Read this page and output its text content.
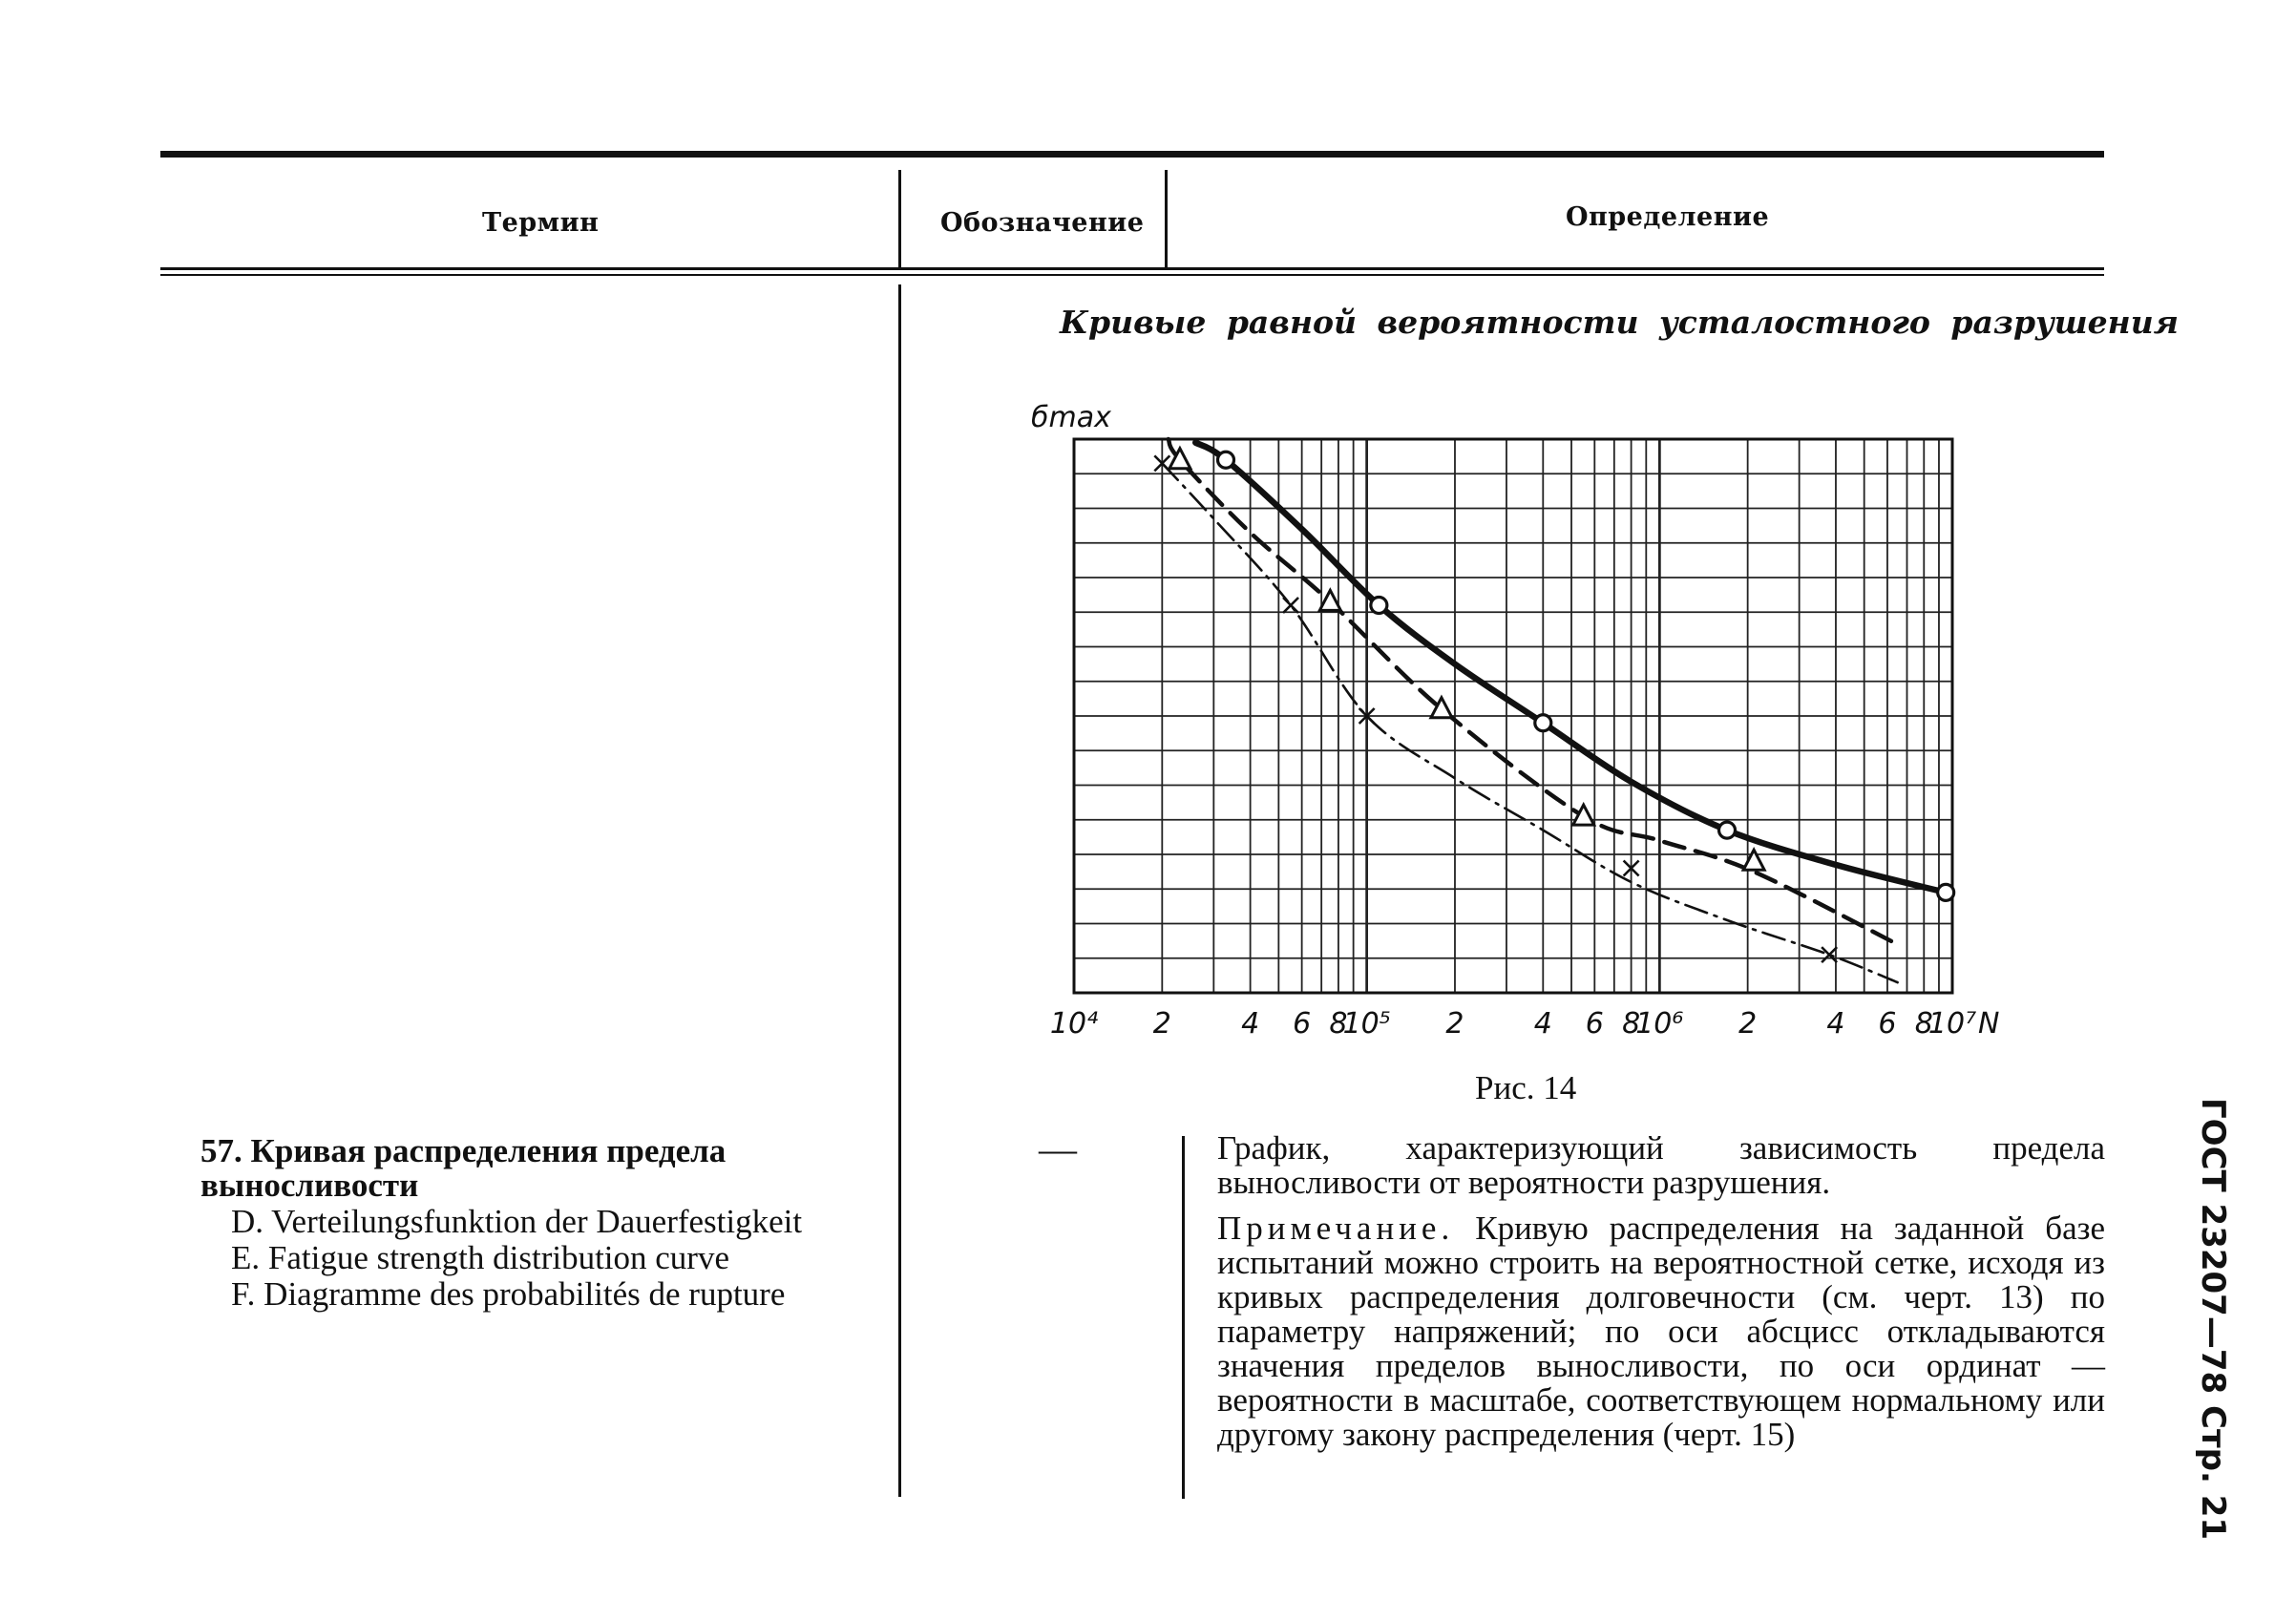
Термин	Обозначение	Определение
Кривые равной вероятности усталостного разрушения
10⁴ 2 4 6 8
10⁵ 2 4 6 8
10⁶ 2 4 6 8
10⁷
бmax
N
Рис. 14
57. Кривая распределения предела выносливости
D. Verteilungsfunktion der Dauerfestigkeit
E. Fatigue strength distribution curve
F. Diagramme des probabilités de rupture
—	График, характеризующий зависимость предела выносливости от вероятности разрушения.

Примечание. Кривую распределения на заданной базе испытаний можно строить на вероятностной сетке, исходя из кривых распределения долговечности (см. черт. 13) по параметру напряжений; по оси абсцисс откладываются значения пределов выносливости, по оси ординат — вероятности в масштабе, соответствующем нормальному или другому закону распределения (черт. 15)	ГОСТ 23207—78 Стр. 21
